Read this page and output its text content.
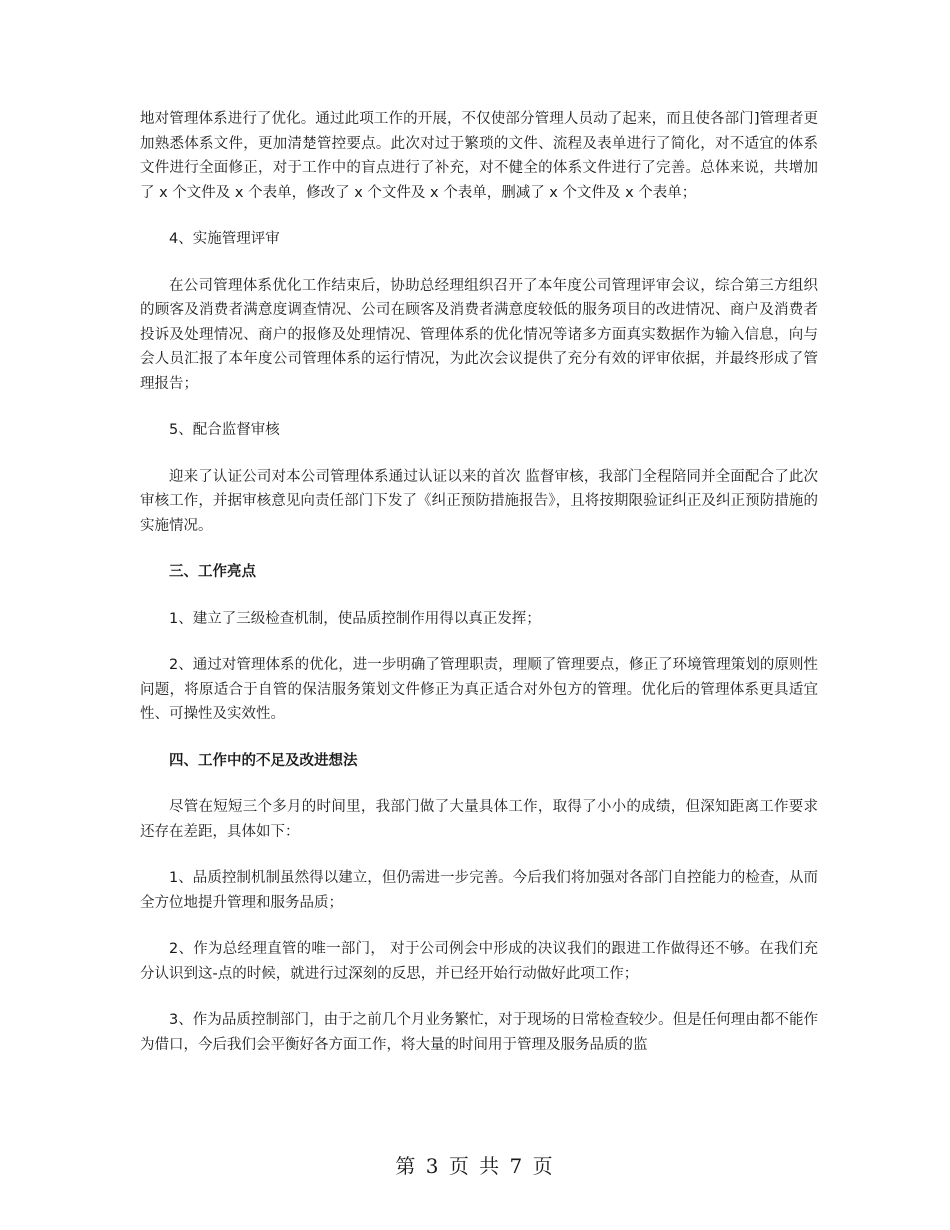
地对管理体系进行了优化。通过此项工作的开展，不仅使部分管理人员动了起来，而且使各部门]管理者更加熟悉体系文件，更加清楚管控要点。此次对过于繁琐的文件、流程及表单进行了简化，对不适宜的体系文件进行全面修正，对于工作中的盲点进行了补充，对不健全的体系文件进行了完善。总体来说，共增加了 x 个文件及 x 个表单，修改了 x 个文件及 x 个表单，删减了 x 个文件及 x 个表单；

4、实施管理评审

在公司管理体系优化工作结束后，协助总经理组织召开了本年度公司管理评审会议，综合第三方组织的顾客及消费者满意度调查情况、公司在顾客及消费者满意度较低的服务项目的改进情况、商户及消费者投诉及处理情况、商户的报修及处理情况、管理体系的优化情况等诸多方面真实数据作为输入信息，向与会人员汇报了本年度公司管理体系的运行情况，为此次会议提供了充分有效的评审依据，并最终形成了管理报告；

5、配合监督审核

迎来了认证公司对本公司管理体系通过认证以来的首次 监督审核，我部门全程陪同并全面配合了此次审核工作，并据审核意见向责任部门下发了《纠正预防措施报告》，且将按期限验证纠正及纠正预防措施的实施情况。

三、工作亮点

1、建立了三级检查机制，使品质控制作用得以真正发挥；

2、通过对管理体系的优化，进一步明确了管理职责，理顺了管理要点，修正了环境管理策划的原则性问题，将原适合于自管的保洁服务策划文件修正为真正适合对外包方的管理。优化后的管理体系更具适宜性、可操性及实效性。

四、工作中的不足及改进想法

尽管在短短三个多月的时间里，我部门做了大量具体工作，取得了小小的成绩，但深知距离工作要求还存在差距，具体如下：

1、品质控制机制虽然得以建立，但仍需进一步完善。今后我们将加强对各部门自控能力的检查，从而全方位地提升管理和服务品质；

2、作为总经理直管的唯一部门， 对于公司例会中形成的决议我们的跟进工作做得还不够。在我们充分认识到这-点的时候，就进行过深刻的反思，并已经开始行动做好此项工作；

3、作为品质控制部门，由于之前几个月业务繁忙，对于现场的日常检查较少。但是任何理由都不能作为借口，今后我们会平衡好各方面工作，将大量的时间用于管理及服务品质的监

第 3 页 共 7 页
